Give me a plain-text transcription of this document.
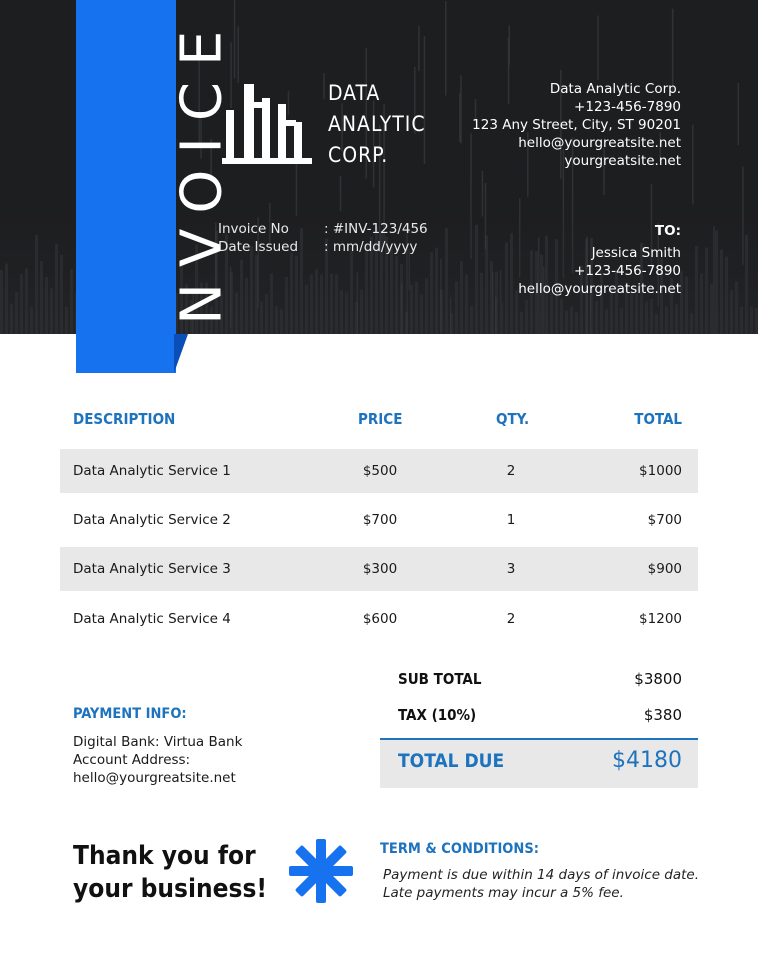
DATA
ANALYTIC
CORP.
Data Analytic Corp.
+123-456-7890
123 Any Street, City, ST 90201
hello@yourgreatsite.net
yourgreatsite.net
Invoice No	: #INV-123/456
Date Issued	: mm/dd/yyyy
TO:
Jessica Smith
+123-456-7890
hello@yourgreatsite.net
INVOICE
DESCRIPTION	PRICE	QTY.	TOTAL
Data Analytic Service 1	$500	2	$1000
Data Analytic Service 2	$700	1	$700
Data Analytic Service 3	$300	3	$900
Data Analytic Service 4	$600	2	$1200
SUB TOTAL	$3800
TAX (10%)	$380
TOTAL DUE	$4180
PAYMENT INFO:
Digital Bank: Virtua Bank
Account Address:
hello@yourgreatsite.net
Thank you for
your business!
TERM & CONDITIONS:
Payment is due within 14 days of invoice date.
Late payments may incur a 5% fee.
